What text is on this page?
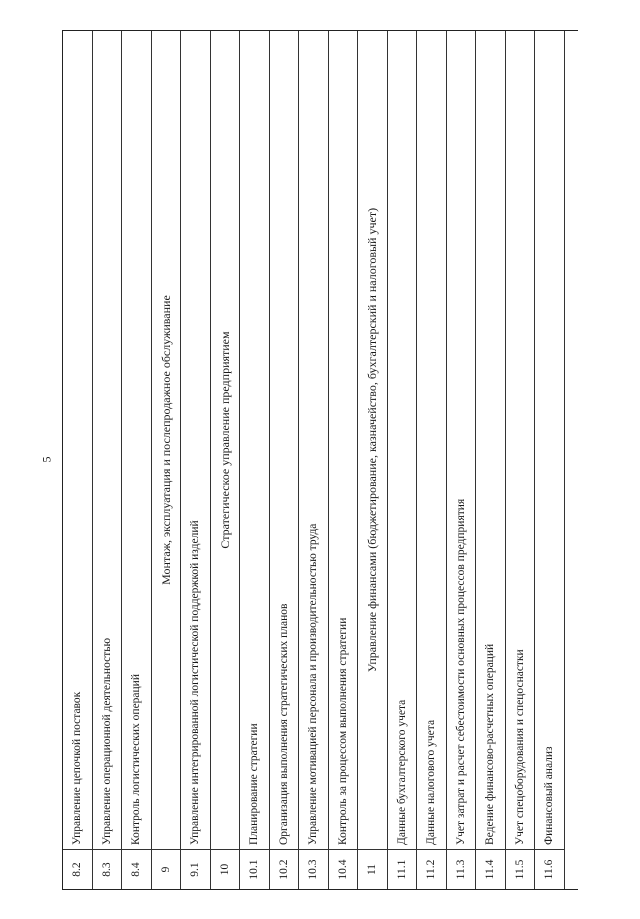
5
8.2
Управление цепочкой поставок
8.3
Управление операционной деятельностью
8.4
Контроль логистических операций
9
Монтаж, эксплуатация и послепродажное обслуживание
9.1
Управление интегрированной логистической поддержкой изделий
10
Стратегическое управление предприятием
10.1
Планирование стратегии
10.2
Организация выполнения стратегических планов
10.3
Управление мотивацией персонала и производительностью труда
10.4
Контроль за процессом выполнения стратегии
11
Управление финансами (бюджетирование, казначейство, бухгалтерский и налоговый учет)
11.1
Данные бухгалтерского учета
11.2
Данные налогового учета
11.3
Учет затрат и расчет себестоимости основных процессов предприятия
11.4
Ведение финансово-расчетных операций
11.5
Учет спецоборудования и спецоснастки
11.6
Финансовый анализ
